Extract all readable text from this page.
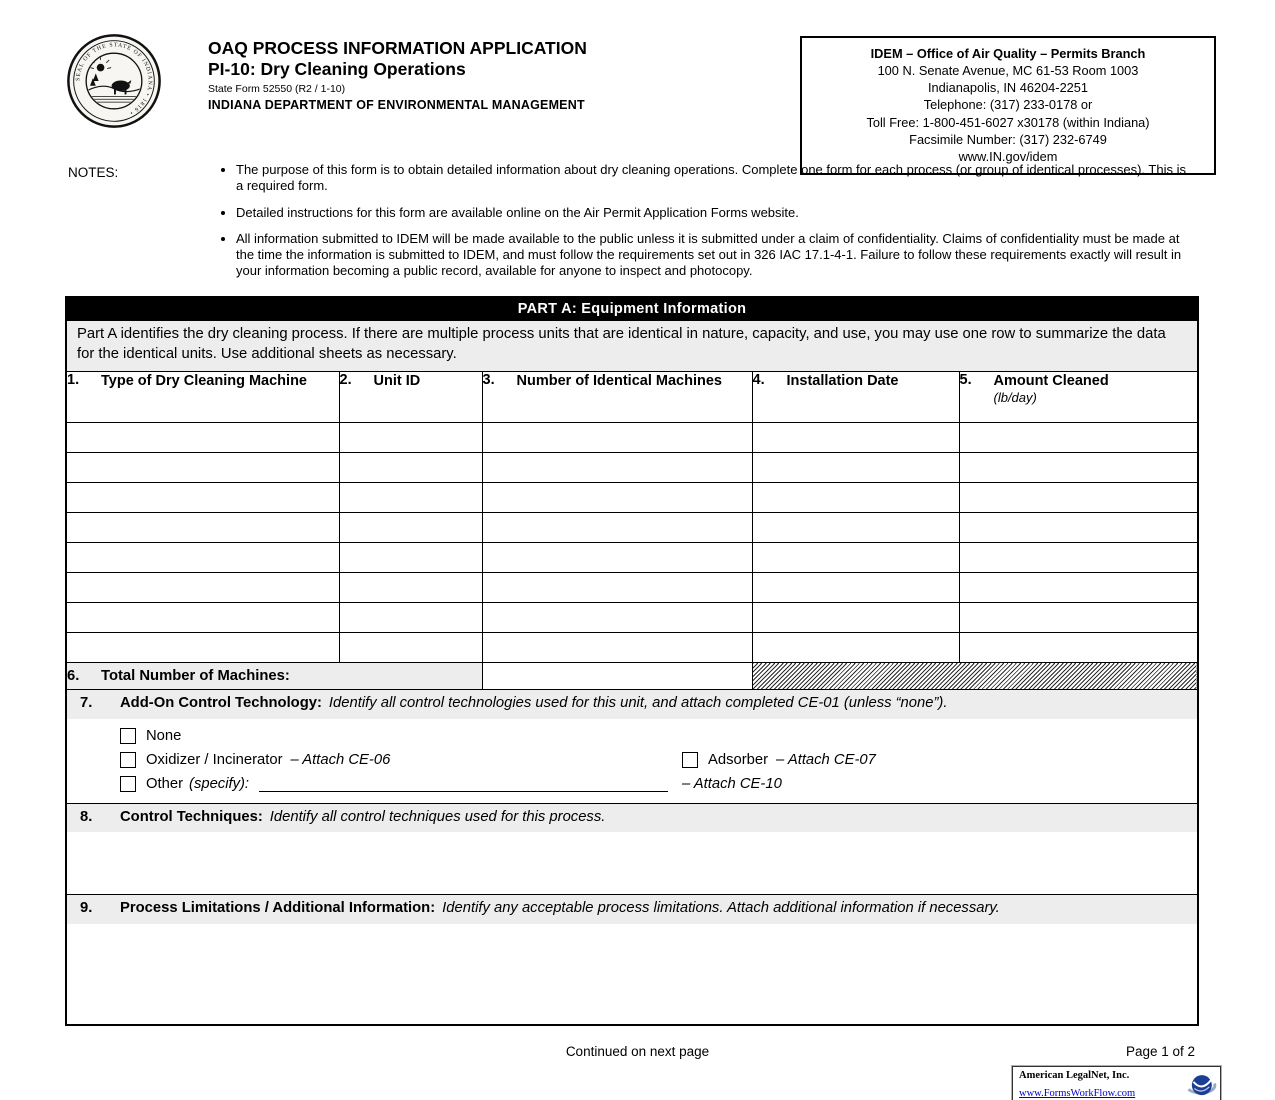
SEAL OF THE STATE OF INDIANA • 1816 •
OAQ PROCESS INFORMATION APPLICATION
PI-10: Dry Cleaning Operations
State Form 52550 (R2 / 1-10)
INDIANA DEPARTMENT OF ENVIRONMENTAL MANAGEMENT
IDEM – Office of Air Quality – Permits Branch
100 N. Senate Avenue, MC 61-53 Room 1003
Indianapolis, IN 46204-2251
Telephone: (317) 233-0178 or
Toll Free: 1-800-451-6027 x30178 (within Indiana)
Facsimile Number: (317) 232-6749
www.IN.gov/idem
NOTES:	• The purpose of this form is to obtain detailed information about dry cleaning operations. Complete one form for each process (or group of identical processes). This is a required form.
• Detailed instructions for this form are available online on the Air Permit Application Forms website.
• All information submitted to IDEM will be made available to the public unless it is submitted under a claim of confidentiality. Claims of confidentiality must be made at the time the information is submitted to IDEM, and must follow the requirements set out in 326 IAC 17.1-4-1. Failure to follow these requirements exactly will result in your information becoming a public record, available for anyone to inspect and photocopy.
PART A: Equipment Information
Part A identifies the dry cleaning process. If there are multiple process units that are identical in nature, capacity, and use, you may use one row to summarize the data for the identical units. Use additional sheets as necessary.
1. Type of Dry Cleaning Machine	2. Unit ID	3. Number of Identical Machines	4. Installation Date	5. Amount Cleaned
(lb/day)

6. Total Number of Machines:				
7.	Add-On Control Technology: Identify all control technologies used for this unit, and attach completed CE-01 (unless “none”).
None
Oxidizer / Incinerator – Attach CE-06	Adsorber – Attach CE-07
Other (specify):	– Attach CE-10
8.	Control Techniques: Identify all control techniques used for this process.
9.	Process Limitations / Additional Information: Identify any acceptable process limitations. Attach additional information if necessary.
Continued on next page	Page 1 of 2
American LegalNet, Inc.
www.FormsWorkFlow.com
